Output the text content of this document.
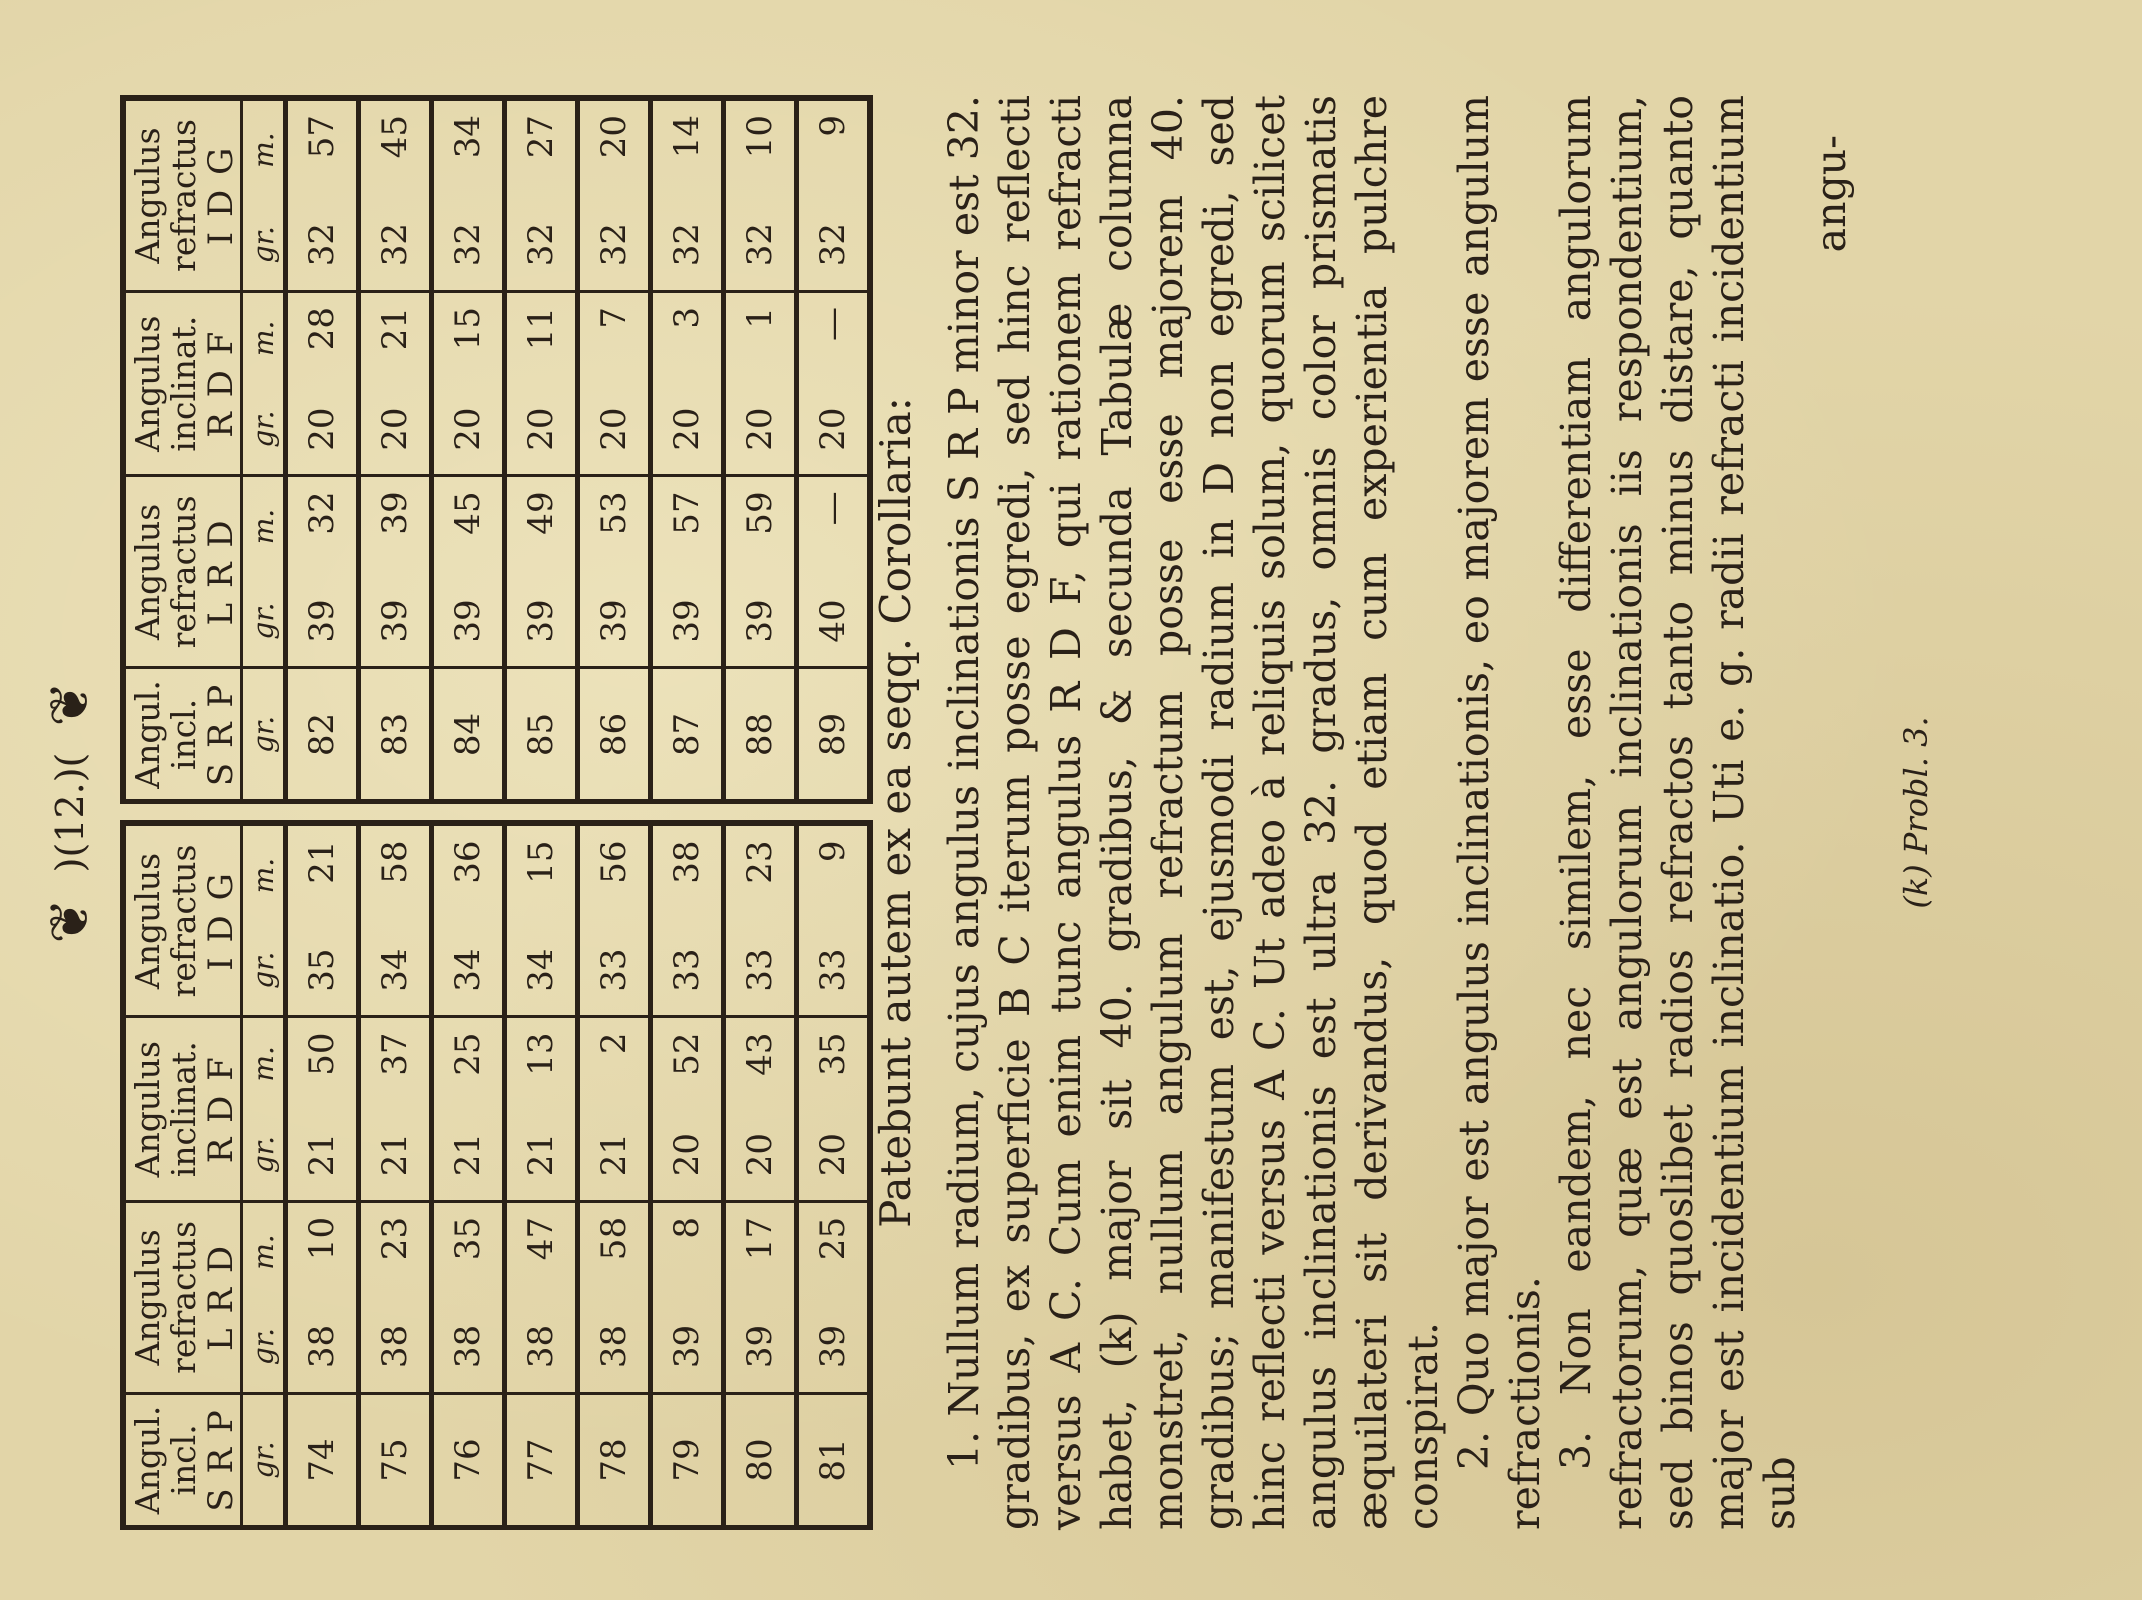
❦
)(12.)(
❦
Angul. incl.	Angulus refractus		Angulus inclinat.		Angulus refractus	
S R P	L R D		R D F		I D G	
gr.	gr.	m.	gr.	m.	gr.	m.
74	38	10	21	50	35	21
75	38	23	21	37	34	58
76	38	35	21	25	34	36
77	38	47	21	13	34	15
78	38	58	21	2	33	56
79	39	8	20	52	33	38
80	39	17	20	43	33	23
81	39	25	20	35	33	9
Angul. incl.	Angulus refractus		Angulus inclinat.		Angulus refractus	
S R P	L R D		R D F		I D G	
gr.	gr.	m.	gr.	m.	gr.	m.
82	39	32	20	28	32	57
83	39	39	20	21	32	45
84	39	45	20	15	32	34
85	39	49	20	11	32	27
86	39	53	20	7	32	20
87	39	57	20	3	32	14
88	39	59	20	1	32	10
89	40	—	20	—	32	9

Patebunt autem ex ea seqq. Corollaria: 1. Nullum radium, cujus angulus inclinationis S R P minor est 32. gradibus, ex superficie B C iterum posse egredi, sed hinc reflecti versus A C. Cum enim tunc angulus R D F, qui rationem refracti habet, (k) major sit 40. gradibus, & secunda Tabulæ columna monstret, nullum angulum refractum posse esse majorem 40. gradibus; manifestum est, ejusmodi radium in D non egredi, sed hinc reflecti versus A C. Ut adeo à reliquis solum, quorum scilicet angulus inclinationis est ultra 32. gradus, omnis color prismatis æquilateri sit derivandus, quod etiam cum experientia pulchre conspirat. 2. Quo major est angulus inclinationis, eo majorem esse angulum refractionis. 3. Non eandem, nec similem, esse differentiam angulorum refractorum, quæ est angulorum inclinationis iis respondentium, sed binos quoslibet radios refractos tanto minus distare, quanto major est incidentium inclinatio. Uti e. g. radii refracti incidentium sub

angu-

(k) Probl. 3.
